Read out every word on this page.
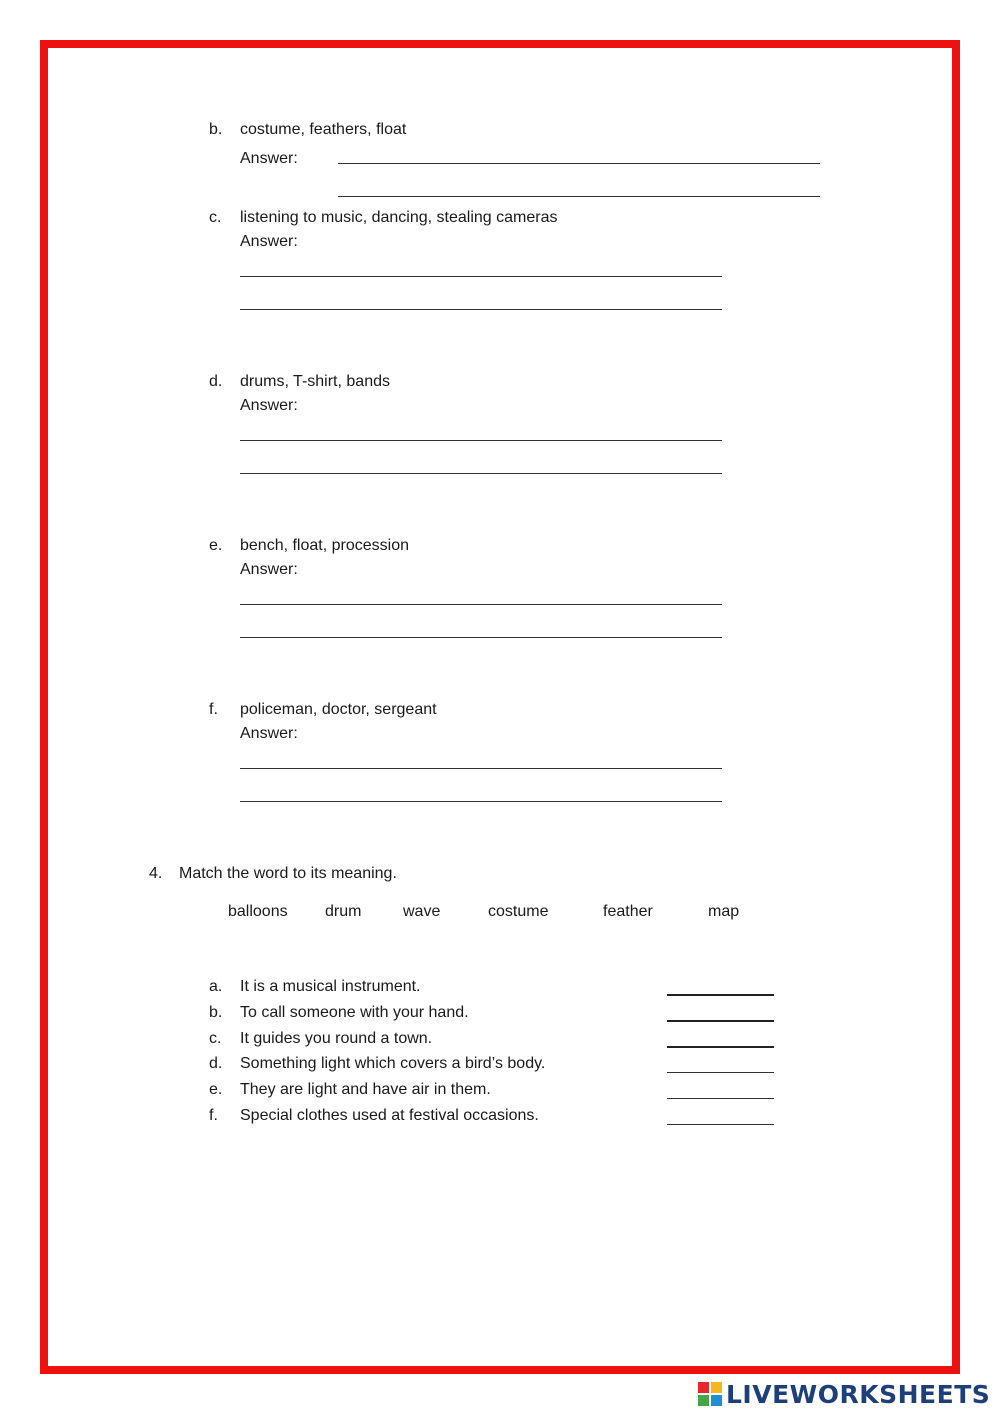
b. costume, feathers, float
Answer:
c. listening to music, dancing, stealing cameras
Answer:
d. drums, T-shirt, bands
Answer:
e. bench, float, procession
Answer:
f. policeman, doctor, sergeant
Answer:
4. Match the word to its meaning.
balloons drum	wave	costume	feather	map
a. It is a musical instrument.
b. To call someone with your hand.
c. It guides you round a town.
d. Something light which covers a bird’s body.
e. They are light and have air in them.
f. Special clothes used at festival occasions.
LIVEWORKSHEETS
